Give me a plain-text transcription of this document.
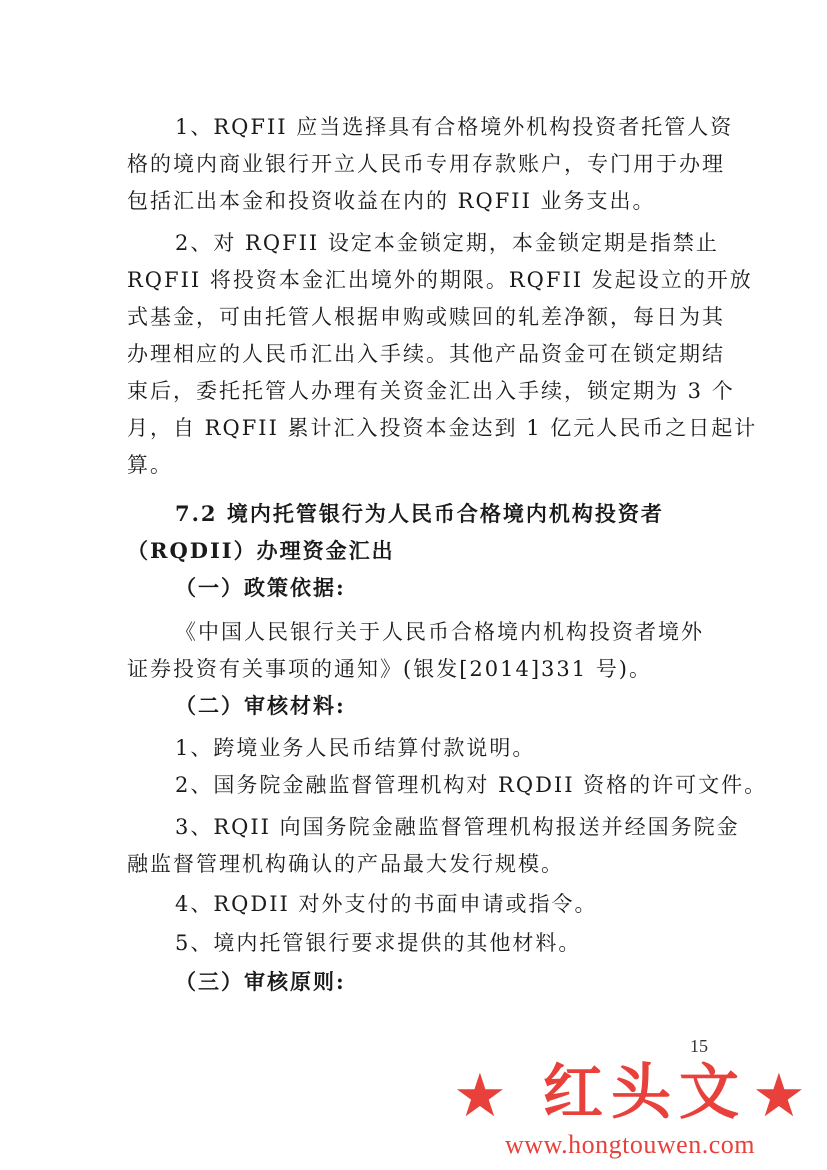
1、RQFII 应当选择具有合格境外机构投资者托管人资
格的境内商业银行开立人民币专用存款账户，专门用于办理
包括汇出本金和投资收益在内的 RQFII 业务支出。
2、对 RQFII 设定本金锁定期，本金锁定期是指禁止
RQFII 将投资本金汇出境外的期限。RQFII 发起设立的开放
式基金，可由托管人根据申购或赎回的轧差净额，每日为其
办理相应的人民币汇出入手续。其他产品资金可在锁定期结
束后，委托托管人办理有关资金汇出入手续，锁定期为 3 个
月，自 RQFII 累计汇入投资本金达到 1 亿元人民币之日起计
算。
7.2 境内托管银行为人民币合格境内机构投资者
（RQDII）办理资金汇出
（一）政策依据:
《中国人民银行关于人民币合格境内机构投资者境外
证券投资有关事项的通知》(银发[2014]331 号)。
（二）审核材料:
1、跨境业务人民币结算付款说明。
2、国务院金融监督管理机构对 RQDII 资格的许可文件。
3、RQII 向国务院金融监督管理机构报送并经国务院金
融监督管理机构确认的产品最大发行规模。
4、RQDII 对外支付的书面申请或指令。
5、境内托管银行要求提供的其他材料。
（三）审核原则:
15
★ 红头文 ★
www.hongtouwen.com
